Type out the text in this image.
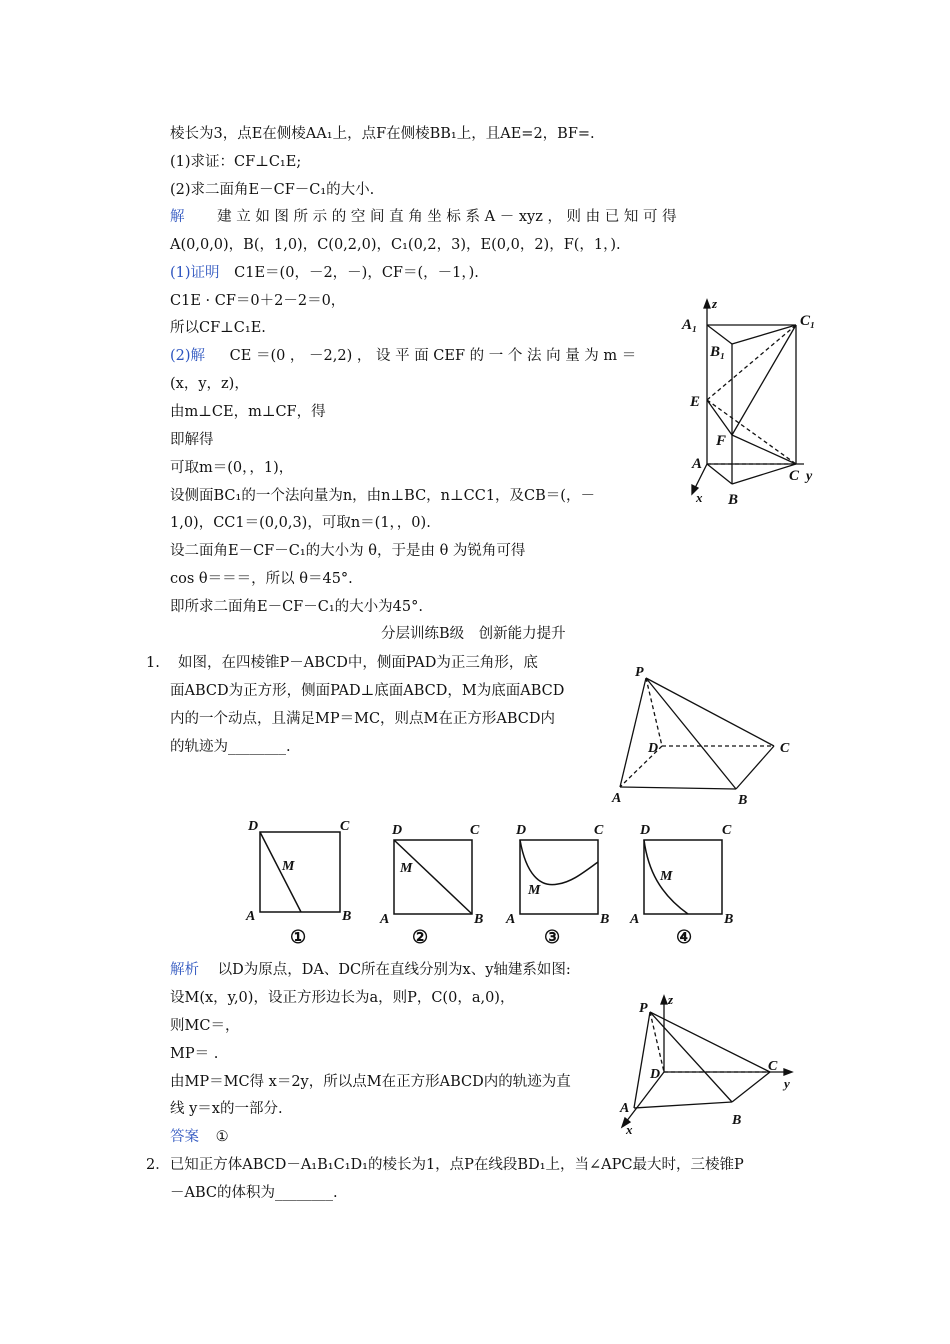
棱长为3，点E在侧棱AA₁上，点F在侧棱BB₁上，且AE=2，BF=.
(1)求证：CF⊥C₁E;
(2)求二面角E－CF－C₁的大小.
解 建 立 如 图 所 示 的 空 间 直 角 坐 标 系 A － xyz ， 则 由 已 知 可 得
A(0,0,0)，B(，1,0)，C(0,2,0)，C₁(0,2，3)，E(0,0，2)，F(，1，).
(1)证明 C1E＝(0，－2，－)，CF＝(，－1，).
C1E · CF＝0＋2－2＝0，
所以CF⊥C₁E.
(2)解 CE ＝(0 ， －2,2) ， 设 平 面 CEF 的 一 个 法 向 量 为 m ＝
(x，y，z)，
由m⊥CE，m⊥CF，得
即解得
可取m＝(0，，1)，
设侧面BC₁的一个法向量为n，由n⊥BC，n⊥CC1，及CB＝(，－
1,0)，CC1＝(0,0,3)，可取n＝(1，，0).
设二面角E－CF－C₁的大小为 θ，于是由 θ 为锐角可得
cos θ＝＝＝，所以 θ＝45°.
即所求二面角E－CF－C₁的大小为45°.
分层训练B级　创新能力提升
1. 如图，在四棱锥P－ABCD中，侧面PAD为正三角形，底
面ABCD为正方形，侧面PAD⊥底面ABCD，M为底面ABCD
内的一个动点，且满足MP＝MC，则点M在正方形ABCD内
的轨迹为________.
解析 以D为原点，DA、DC所在直线分别为x、y轴建系如图:
设M(x，y,0)，设正方形边长为a，则P，C(0，a,0)，
则MC＝，
MP＝ .
由MP＝MC得 x＝2y，所以点M在正方形ABCD内的轨迹为直
线 y＝x的一部分.
答案 ①
2．已知正方体ABCD－A₁B₁C₁D₁的棱长为1，点P在线段BD₁上，当∠APC最大时，三棱锥P
－ABC的体积为________.
z
A₁
B₁
C₁
E
F
A
C y
x B
P
D	C
A	B
D	C
M
A	B
①
D	C
M
A	B
②
D	C
M
A	B
③
D	C
M
A	B
④
P
z
D
C
y
A
x
B
